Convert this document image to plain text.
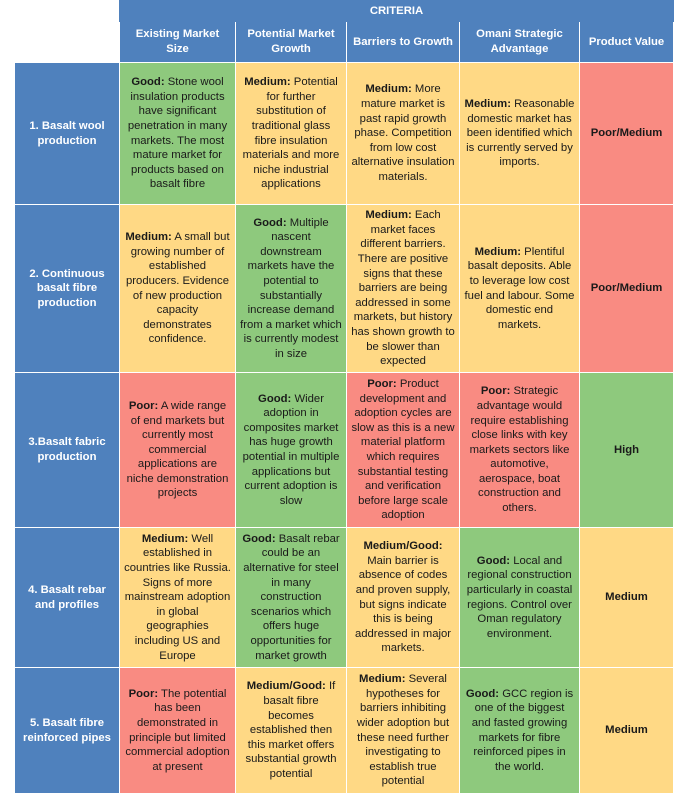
	CRITERIA				
	Existing Market Size	Potential Market Growth	Barriers to Growth	Omani Strategic Advantage	Product Value
1. Basalt wool production	Good: Stone wool insulation products have significant penetration in many markets. The most mature market for products based on basalt fibre	Medium: Potential for further substitution of traditional glass fibre insulation materials and more niche industrial applications	Medium: More mature market is past rapid growth phase. Competition from low cost alternative insulation materials.	Medium: Reasonable domestic market has been identified which is currently served by imports.	Poor/Medium
2. Continuous basalt fibre production	Medium: A small but growing number of established producers. Evidence of new production capacity demonstrates confidence.	Good: Multiple nascent downstream markets have the potential to substantially increase demand from a market which is currently modest in size	Medium: Each market faces different barriers. There are positive signs that these barriers are being addressed in some markets, but history has shown growth to be slower than expected	Medium: Plentiful basalt deposits. Able to leverage low cost fuel and labour. Some domestic end markets.	Poor/Medium
3.Basalt fabric production	Poor: A wide range of end markets but currently most commercial applications are niche demonstration projects	Good: Wider adoption in composites market has huge growth potential in multiple applications but current adoption is slow	Poor: Product development and adoption cycles are slow as this is a new material platform which requires substantial testing and verification before large scale adoption	Poor: Strategic advantage would require establishing close links with key markets sectors like automotive, aerospace, boat construction and others.	High
4. Basalt rebar and profiles	Medium: Well established in countries like Russia. Signs of more mainstream adoption in global geographies including US and Europe	Good: Basalt rebar could be an alternative for steel in many construction scenarios which offers huge opportunities for market growth	Medium/Good: Main barrier is absence of codes and proven supply, but signs indicate this is being addressed in major markets.	Good: Local and regional construction particularly in coastal regions. Control over Oman regulatory environment.	Medium
5. Basalt fibre reinforced pipes	Poor: The potential has been demonstrated in principle but limited commercial adoption at present	Medium/Good: If basalt fibre becomes established then this market offers substantial growth potential	Medium: Several hypotheses for barriers inhibiting wider adoption but these need further investigating to establish true potential	Good: GCC region is one of the biggest and fasted growing markets for fibre reinforced pipes in the world.	Medium
